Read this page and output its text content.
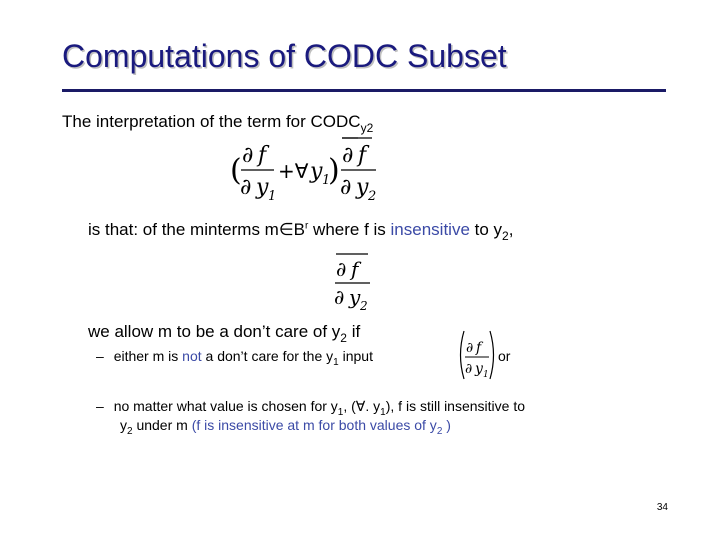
Computations of CODC Subset
The interpretation of the term for $CODC_{y2}$
( ∂ f
∂ y 1
+∀ y 1
) ∂ f
∂ y 2
is that: of the minterms $m\in B^r$ where f is insensitive to $y_2$,
∂ f
∂ y 2
we allow m to be a don’t care of $y_2$ if
– either m is not a don’t care for the $y_1$ input	∂ f
∂ y 1
or
– no matter what value is chosen for $y_1$, (∀. $y_1$), f is still insensitive to
$y_2$ under m (f is insensitive at m for both values of $y_2$ )
34
